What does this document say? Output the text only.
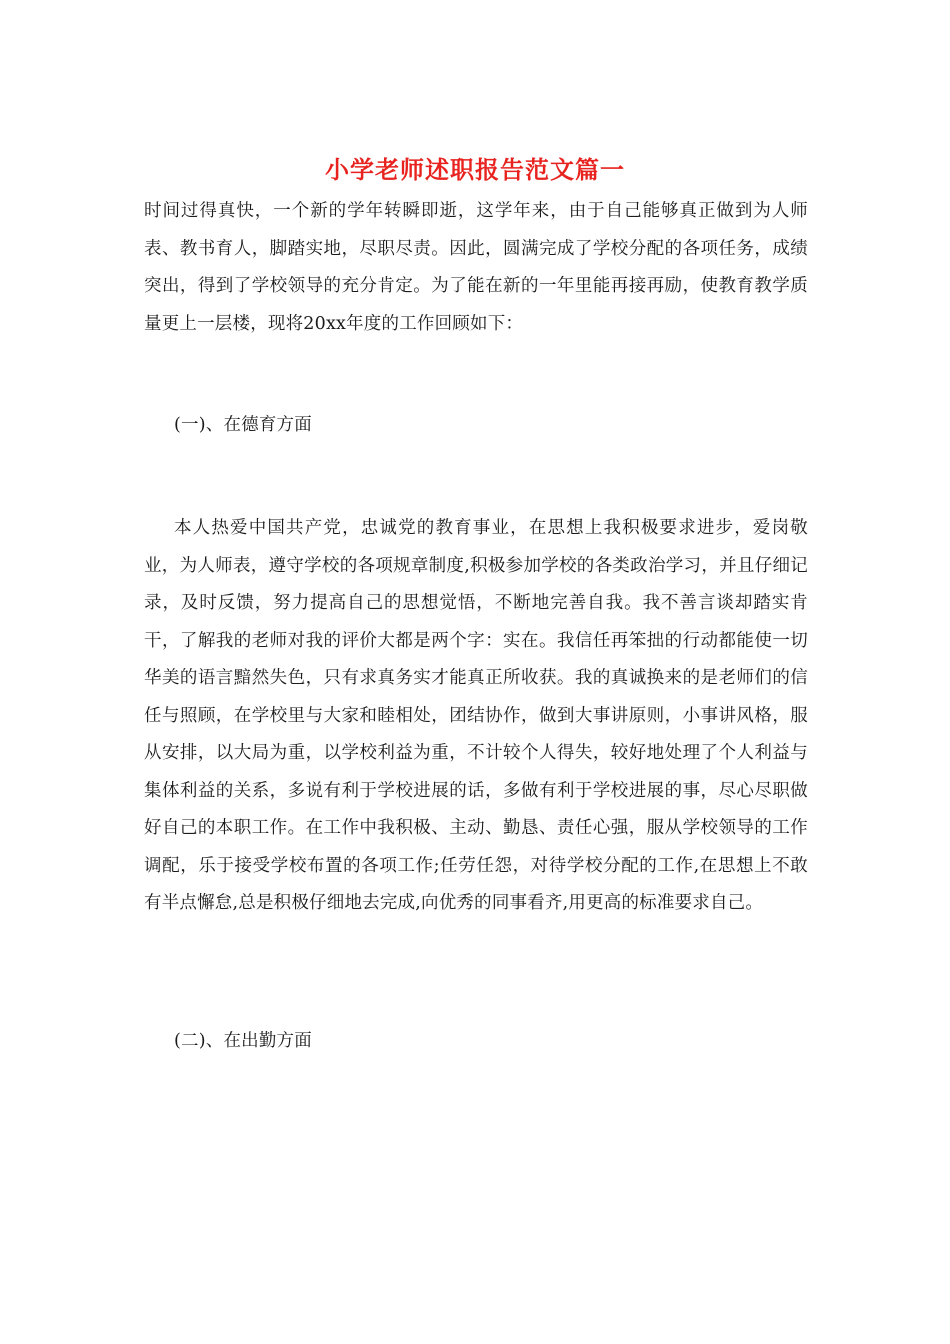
小学老师述职报告范文篇一

时间过得真快，一个新的学年转瞬即逝，这学年来，由于自己能够真正做到为人师表、教书育人，脚踏实地，尽职尽责。因此，圆满完成了学校分配的各项任务，成绩突出，得到了学校领导的充分肯定。为了能在新的一年里能再接再励，使教育教学质量更上一层楼，现将20xx年度的工作回顾如下：

(一)、在德育方面

本人热爱中国共产党，忠诚党的教育事业，在思想上我积极要求进步，爱岗敬业，为人师表，遵守学校的各项规章制度,积极参加学校的各类政治学习，并且仔细记录，及时反馈，努力提高自己的思想觉悟，不断地完善自我。我不善言谈却踏实肯干，了解我的老师对我的评价大都是两个字：实在。我信任再笨拙的行动都能使一切华美的语言黯然失色，只有求真务实才能真正所收获。我的真诚换来的是老师们的信任与照顾，在学校里与大家和睦相处，团结协作，做到大事讲原则，小事讲风格，服从安排，以大局为重，以学校利益为重，不计较个人得失，较好地处理了个人利益与集体利益的关系，多说有利于学校进展的话，多做有利于学校进展的事，尽心尽职做好自己的本职工作。在工作中我积极、主动、勤恳、责任心强，服从学校领导的工作调配，乐于接受学校布置的各项工作;任劳任怨，对待学校分配的工作,在思想上不敢有半点懈怠,总是积极仔细地去完成,向优秀的同事看齐,用更高的标准要求自己。

(二)、在出勤方面
